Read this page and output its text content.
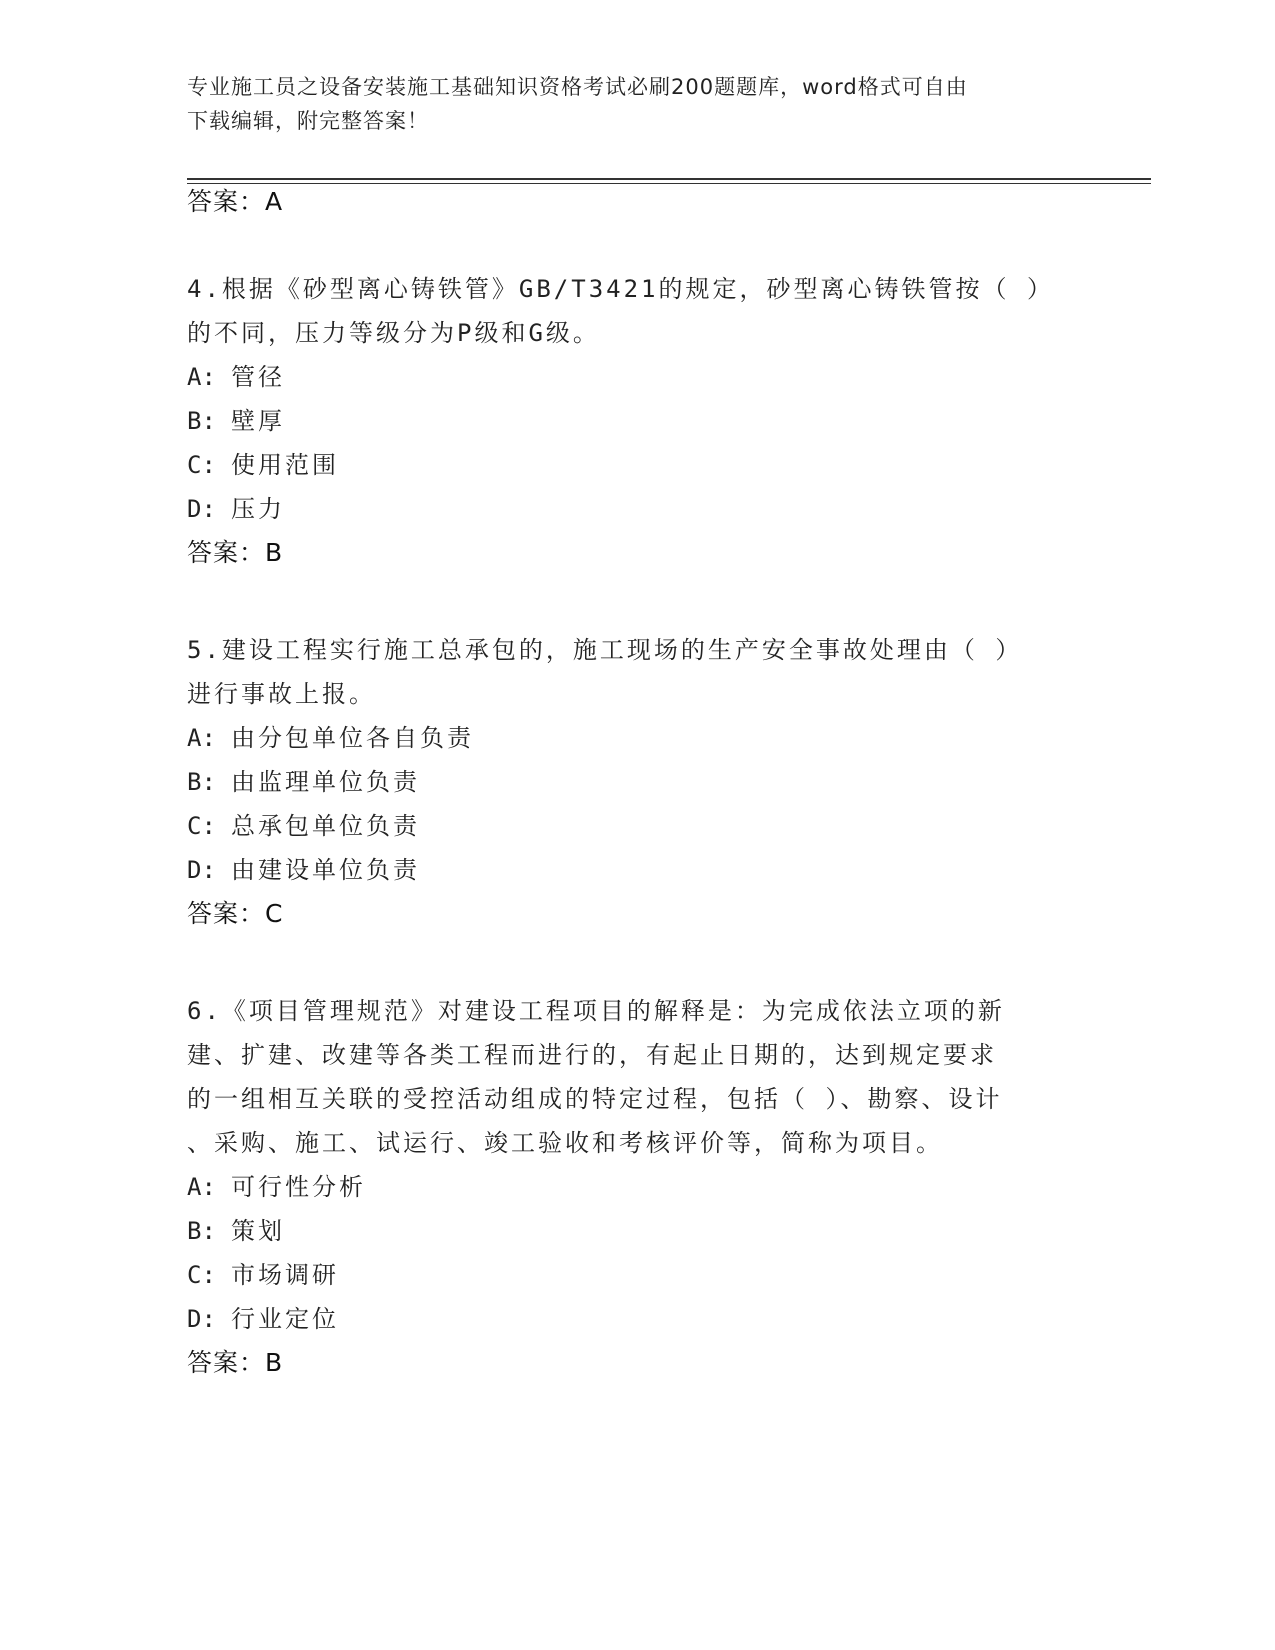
专业施工员之设备安装施工基础知识资格考试必刷200题题库，word格式可自由
下载编辑，附完整答案！
答案：A
4.根据《砂型离心铸铁管》GB/T3421的规定，砂型离心铸铁管按（ ）
的不同，压力等级分为P级和G级。
A: 管径
B: 壁厚
C: 使用范围
D: 压力
答案：B
5.建设工程实行施工总承包的，施工现场的生产安全事故处理由（ ）
进行事故上报。
A: 由分包单位各自负责
B: 由监理单位负责
C: 总承包单位负责
D: 由建设单位负责
答案：C
6.《项目管理规范》对建设工程项目的解释是：为完成依法立项的新
建、扩建、改建等各类工程而进行的，有起止日期的，达到规定要求
的一组相互关联的受控活动组成的特定过程，包括（ ）、勘察、设计
、采购、施工、试运行、竣工验收和考核评价等，简称为项目。
A: 可行性分析
B: 策划
C: 市场调研
D: 行业定位
答案：B
